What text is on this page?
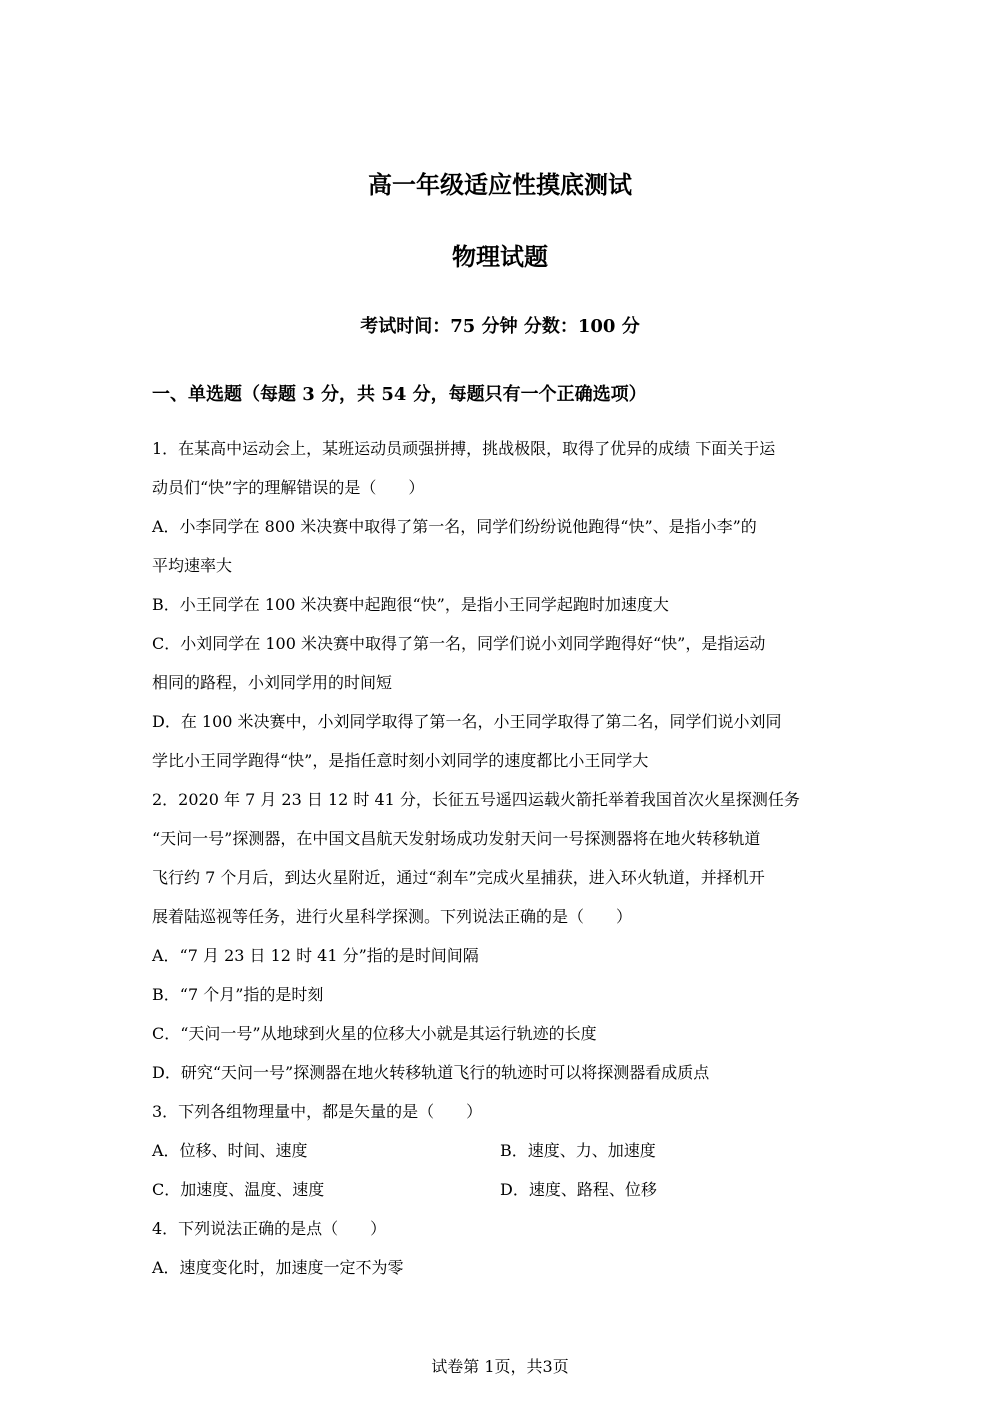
高一年级适应性摸底测试
物理试题
考试时间：75 分钟 分数：100 分
一、单选题（每题 3 分，共 54 分，每题只有一个正确选项）
1．在某高中运动会上，某班运动员顽强拼搏，挑战极限，取得了优异的成绩 下面关于运
动员们“快”字的理解错误的是（　　）
A．小李同学在 800 米决赛中取得了第一名，同学们纷纷说他跑得“快”、是指小李”的
平均速率大
B．小王同学在 100 米决赛中起跑很“快”，是指小王同学起跑时加速度大
C．小刘同学在 100 米决赛中取得了第一名，同学们说小刘同学跑得好“快”，是指运动
相同的路程，小刘同学用的时间短
D．在 100 米决赛中，小刘同学取得了第一名，小王同学取得了第二名，同学们说小刘同
学比小王同学跑得“快”，是指任意时刻小刘同学的速度都比小王同学大
2．2020 年 7 月 23 日 12 时 41 分，长征五号遥四运载火箭托举着我国首次火星探测任务
“天问一号”探测器，在中国文昌航天发射场成功发射天问一号探测器将在地火转移轨道
飞行约 7 个月后，到达火星附近，通过“刹车”完成火星捕获，进入环火轨道，并择机开
展着陆巡视等任务，进行火星科学探测。下列说法正确的是（　　）
A．“7 月 23 日 12 时 41 分”指的是时间间隔
B．“7 个月”指的是时刻
C．“天问一号”从地球到火星的位移大小就是其运行轨迹的长度
D．研究“天问一号”探测器在地火转移轨道飞行的轨迹时可以将探测器看成质点
3．下列各组物理量中，都是矢量的是（　　）
A．位移、时间、速度	B．速度、力、加速度
C．加速度、温度、速度	D．速度、路程、位移
4．下列说法正确的是点（　　）
A．速度变化时，加速度一定不为零
试卷第 1页，共3页
